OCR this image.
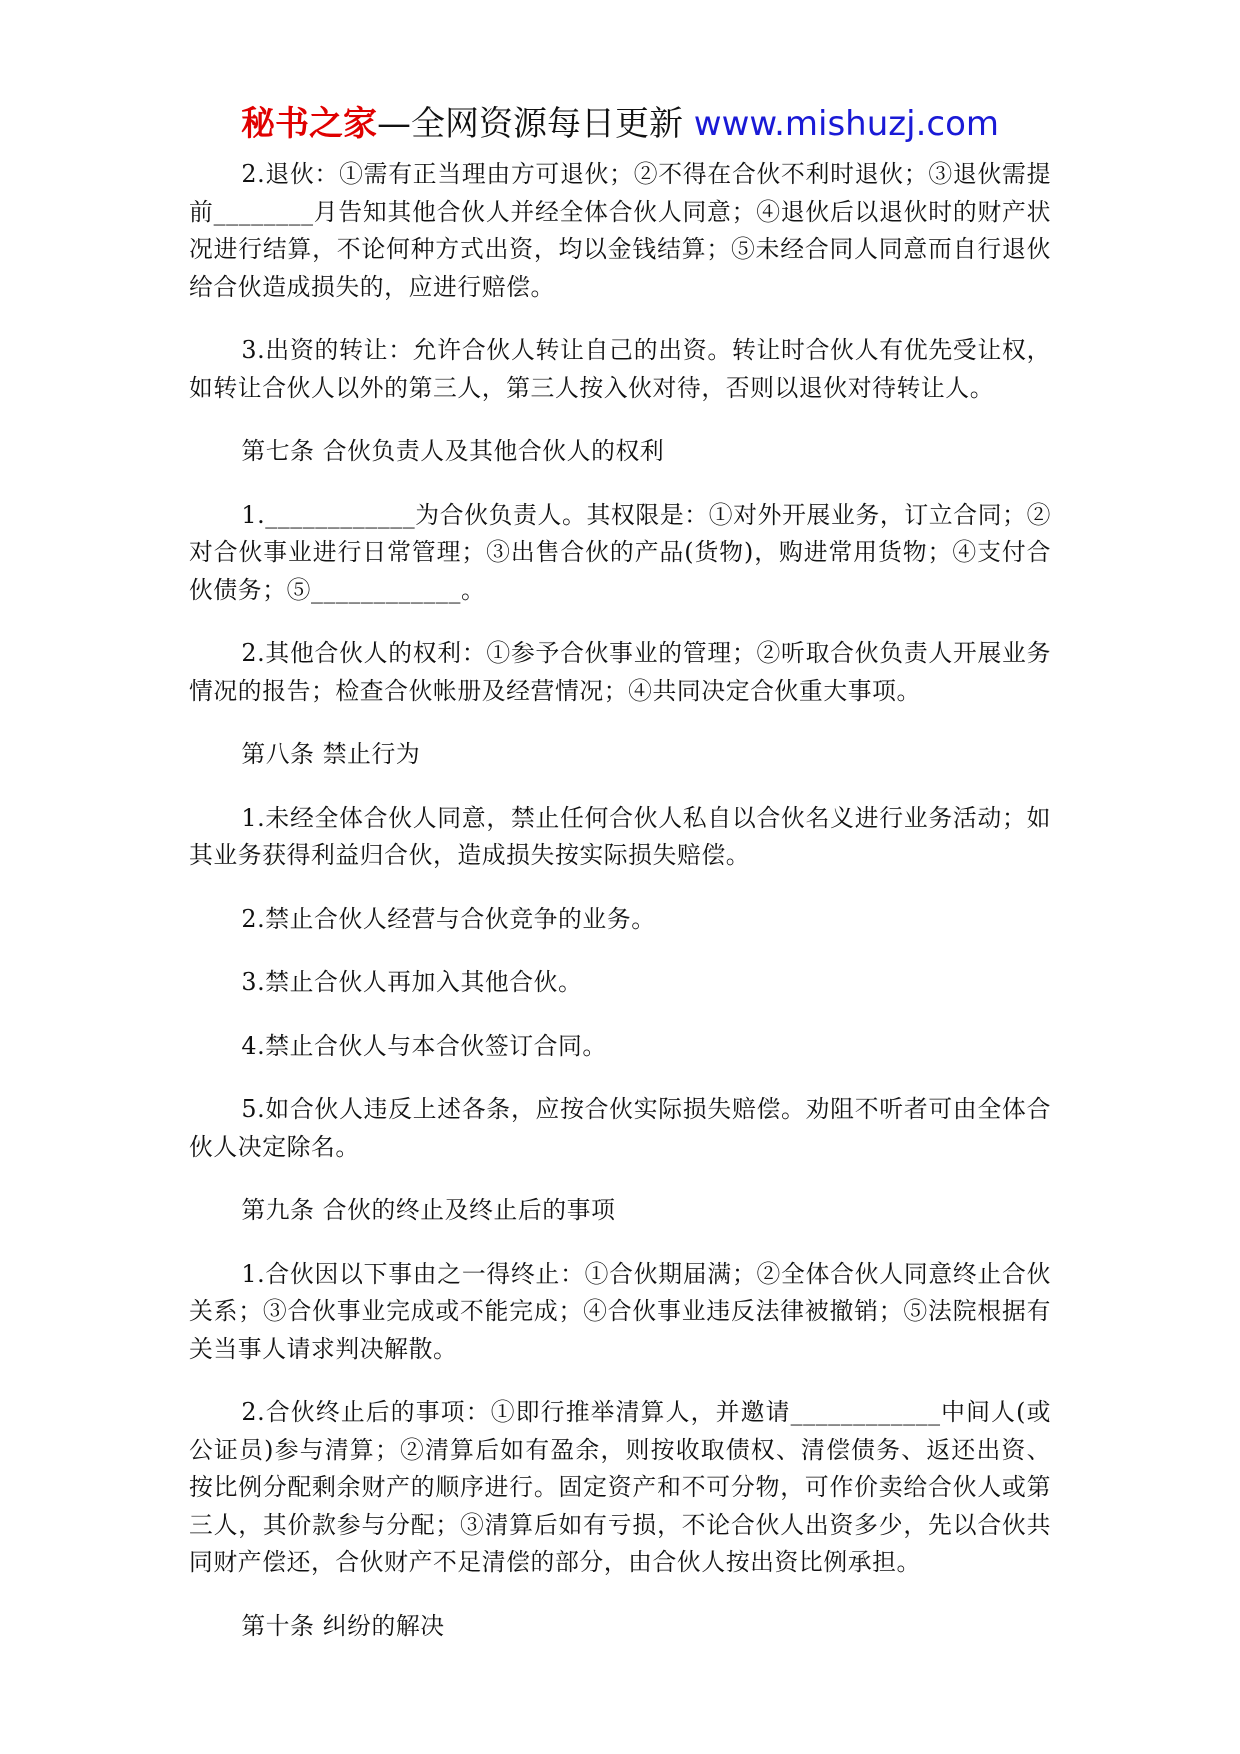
秘书之家—全网资源每日更新 www.mishuzj.com

2.退伙：①需有正当理由方可退伙；②不得在合伙不利时退伙；③退伙需提前________月告知其他合伙人并经全体合伙人同意；④退伙后以退伙时的财产状况进行结算，不论何种方式出资，均以金钱结算；⑤未经合同人同意而自行退伙给合伙造成损失的，应进行赔偿。

3.出资的转让：允许合伙人转让自己的出资。转让时合伙人有优先受让权，如转让合伙人以外的第三人，第三人按入伙对待，否则以退伙对待转让人。

第七条 合伙负责人及其他合伙人的权利

1.____________为合伙负责人。其权限是：①对外开展业务，订立合同；②对合伙事业进行日常管理；③出售合伙的产品(货物)，购进常用货物；④支付合伙债务；⑤____________。

2.其他合伙人的权利：①参予合伙事业的管理；②听取合伙负责人开展业务情况的报告；检查合伙帐册及经营情况；④共同决定合伙重大事项。

第八条 禁止行为

1.未经全体合伙人同意，禁止任何合伙人私自以合伙名义进行业务活动；如其业务获得利益归合伙，造成损失按实际损失赔偿。

2.禁止合伙人经营与合伙竞争的业务。

3.禁止合伙人再加入其他合伙。

4.禁止合伙人与本合伙签订合同。

5.如合伙人违反上述各条，应按合伙实际损失赔偿。劝阻不听者可由全体合伙人决定除名。

第九条 合伙的终止及终止后的事项

1.合伙因以下事由之一得终止：①合伙期届满；②全体合伙人同意终止合伙关系；③合伙事业完成或不能完成；④合伙事业违反法律被撤销；⑤法院根据有关当事人请求判决解散。

2.合伙终止后的事项：①即行推举清算人，并邀请____________中间人(或公证员)参与清算；②清算后如有盈余，则按收取债权、清偿债务、返还出资、按比例分配剩余财产的顺序进行。固定资产和不可分物，可作价卖给合伙人或第三人，其价款参与分配；③清算后如有亏损，不论合伙人出资多少，先以合伙共同财产偿还，合伙财产不足清偿的部分，由合伙人按出资比例承担。

第十条 纠纷的解决
